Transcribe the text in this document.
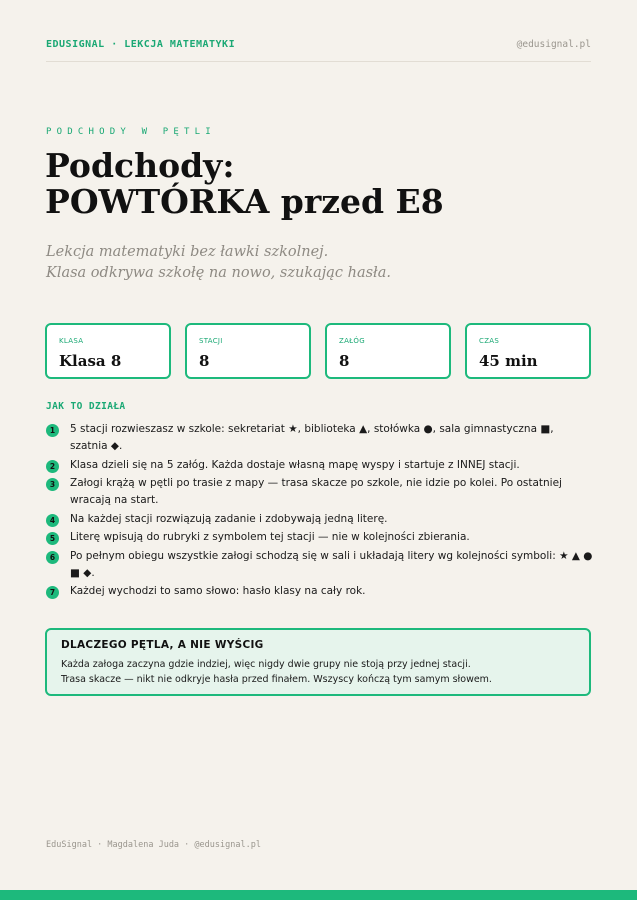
EDUSIGNAL · LEKCJA MATEMATYKI	@edusignal.pl
PODCHODY W PĘTLI
Podchody:
POWTÓRKA przed E8
Lekcja matematyki bez ławki szkolnej.
Klasa odkrywa szkołę na nowo, szukając hasła.
KLASA
Klasa 8
STACJI
8
ZAŁÓG
8
CZAS
45 min
JAK TO DZIAŁA
1	5 stacji rozwieszasz w szkole: sekretariat ★, biblioteka ▲, stołówka ●, sala gimnastyczna ■, szatnia ◆.
2	Klasa dzieli się na 5 załóg. Każda dostaje własną mapę wyspy i startuje z INNEJ stacji.
3	Załogi krążą w pętli po trasie z mapy — trasa skacze po szkole, nie idzie po kolei. Po ostatniej wracają na start.
4	Na każdej stacji rozwiązują zadanie i zdobywają jedną literę.
5	Literę wpisują do rubryki z symbolem tej stacji — nie w kolejności zbierania.
6	Po pełnym obiegu wszystkie załogi schodzą się w sali i układają litery wg kolejności symboli: ★ ▲ ● ■ ◆.
7	Każdej wychodzi to samo słowo: hasło klasy na cały rok.
DLACZEGO PĘTLA, A NIE WYŚCIG
Każda załoga zaczyna gdzie indziej, więc nigdy dwie grupy nie stoją przy jednej stacji.
Trasa skacze — nikt nie odkryje hasła przed finałem. Wszyscy kończą tym samym słowem.
EduSignal · Magdalena Juda · @edusignal.pl
